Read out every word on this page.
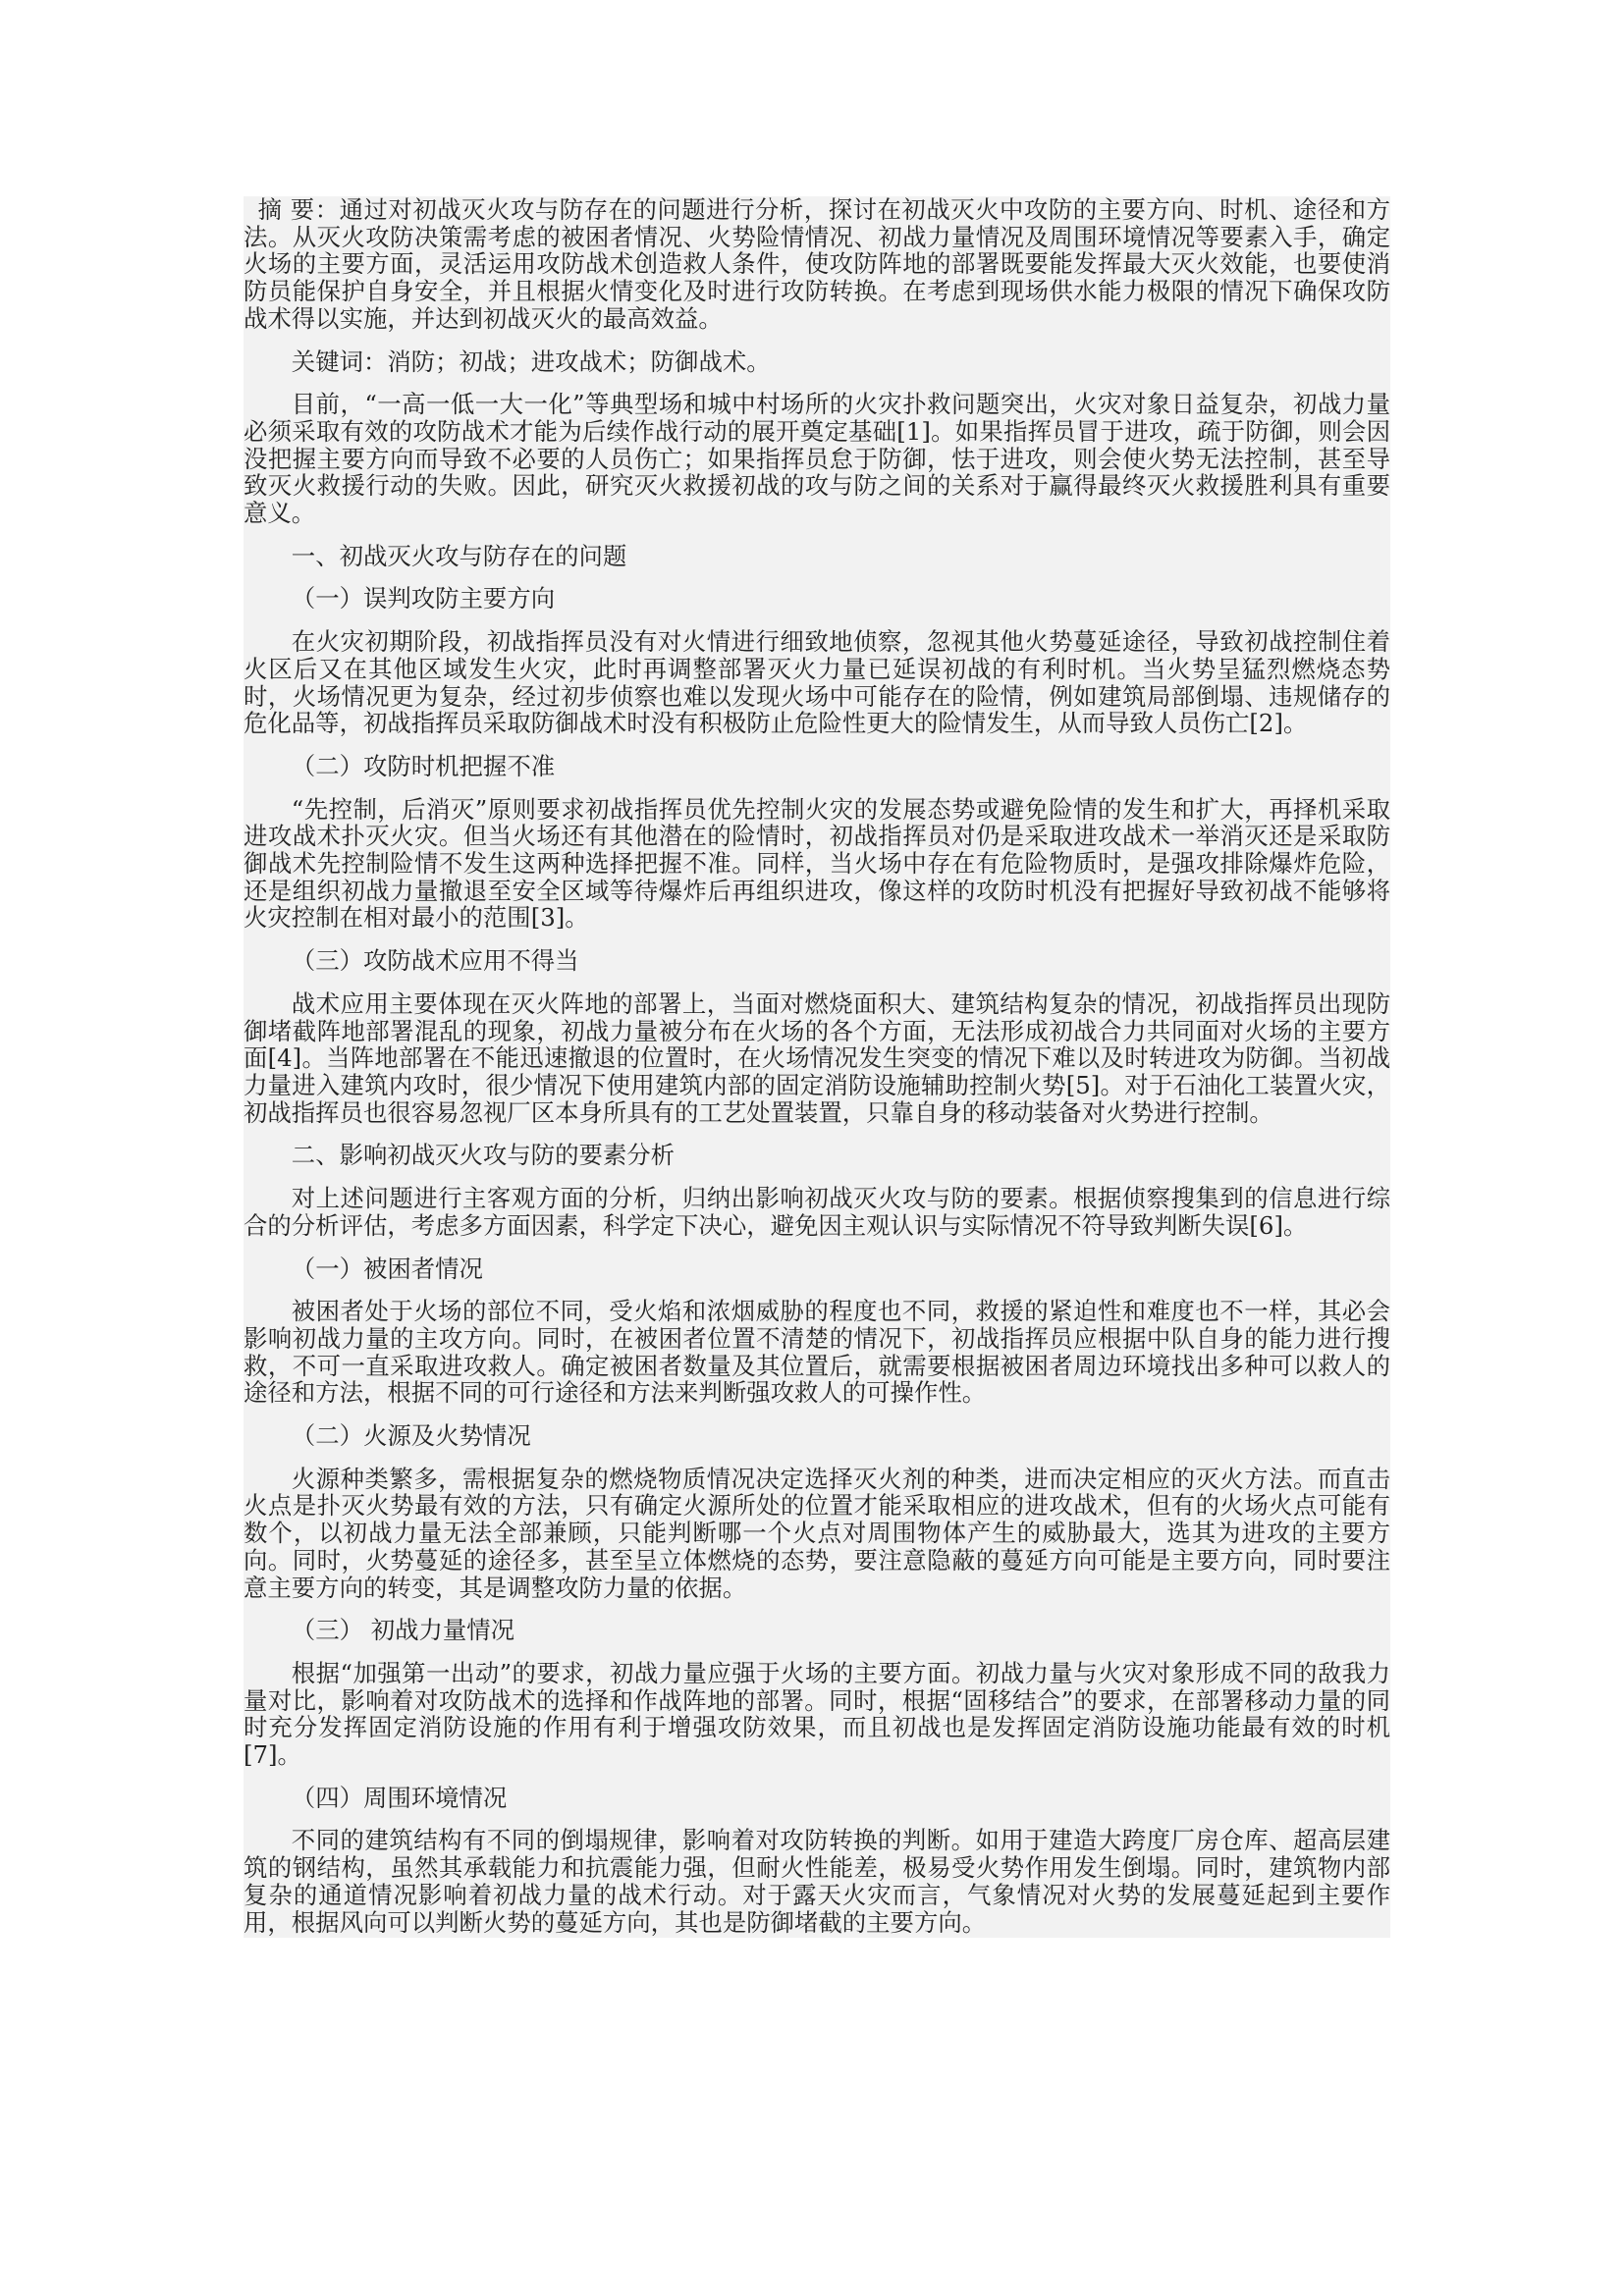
摘 要：通过对初战灭火攻与防存在的问题进行分析，探讨在初战灭火中攻防的主要方向、时机、途径和方法。从灭火攻防决策需考虑的被困者情况、火势险情情况、初战力量情况及周围环境情况等要素入手，确定火场的主要方面，灵活运用攻防战术创造救人条件，使攻防阵地的部署既要能发挥最大灭火效能，也要使消防员能保护自身安全，并且根据火情变化及时进行攻防转换。在考虑到现场供水能力极限的情况下确保攻防战术得以实施，并达到初战灭火的最高效益。

关键词：消防；初战；进攻战术；防御战术。

目前，“一高一低一大一化”等典型场和城中村场所的火灾扑救问题突出，火灾对象日益复杂，初战力量必须采取有效的攻防战术才能为后续作战行动的展开奠定基础[1]。如果指挥员冒于进攻，疏于防御，则会因没把握主要方向而导致不必要的人员伤亡；如果指挥员怠于防御，怯于进攻，则会使火势无法控制，甚至导致灭火救援行动的失败。因此，研究灭火救援初战的攻与防之间的关系对于赢得最终灭火救援胜利具有重要意义。

一、初战灭火攻与防存在的问题

（一）误判攻防主要方向

在火灾初期阶段，初战指挥员没有对火情进行细致地侦察，忽视其他火势蔓延途径，导致初战控制住着火区后又在其他区域发生火灾，此时再调整部署灭火力量已延误初战的有利时机。当火势呈猛烈燃烧态势时，火场情况更为复杂，经过初步侦察也难以发现火场中可能存在的险情，例如建筑局部倒塌、违规储存的危化品等，初战指挥员采取防御战术时没有积极防止危险性更大的险情发生，从而导致人员伤亡[2]。

（二）攻防时机把握不准

“先控制，后消灭”原则要求初战指挥员优先控制火灾的发展态势或避免险情的发生和扩大，再择机采取进攻战术扑灭火灾。但当火场还有其他潜在的险情时，初战指挥员对仍是采取进攻战术一举消灭还是采取防御战术先控制险情不发生这两种选择把握不准。同样，当火场中存在有危险物质时，是强攻排除爆炸危险，还是组织初战力量撤退至安全区域等待爆炸后再组织进攻，像这样的攻防时机没有把握好导致初战不能够将火灾控制在相对最小的范围[3]。

（三）攻防战术应用不得当

战术应用主要体现在灭火阵地的部署上，当面对燃烧面积大、建筑结构复杂的情况，初战指挥员出现防御堵截阵地部署混乱的现象，初战力量被分布在火场的各个方面，无法形成初战合力共同面对火场的主要方面[4]。当阵地部署在不能迅速撤退的位置时，在火场情况发生突变的情况下难以及时转进攻为防御。当初战力量进入建筑内攻时，很少情况下使用建筑内部的固定消防设施辅助控制火势[5]。对于石油化工装置火灾，初战指挥员也很容易忽视厂区本身所具有的工艺处置装置，只靠自身的移动装备对火势进行控制。

二、影响初战灭火攻与防的要素分析

对上述问题进行主客观方面的分析，归纳出影响初战灭火攻与防的要素。根据侦察搜集到的信息进行综合的分析评估，考虑多方面因素，科学定下决心，避免因主观认识与实际情况不符导致判断失误[6]。

（一）被困者情况

被困者处于火场的部位不同，受火焰和浓烟威胁的程度也不同，救援的紧迫性和难度也不一样，其必会影响初战力量的主攻方向。同时，在被困者位置不清楚的情况下，初战指挥员应根据中队自身的能力进行搜救，不可一直采取进攻救人。确定被困者数量及其位置后，就需要根据被困者周边环境找出多种可以救人的途径和方法，根据不同的可行途径和方法来判断强攻救人的可操作性。

（二）火源及火势情况

火源种类繁多，需根据复杂的燃烧物质情况决定选择灭火剂的种类，进而决定相应的灭火方法。而直击火点是扑灭火势最有效的方法，只有确定火源所处的位置才能采取相应的进攻战术，但有的火场火点可能有数个，以初战力量无法全部兼顾，只能判断哪一个火点对周围物体产生的威胁最大，选其为进攻的主要方向。同时，火势蔓延的途径多，甚至呈立体燃烧的态势，要注意隐蔽的蔓延方向可能是主要方向，同时要注意主要方向的转变，其是调整攻防力量的依据。

（三） 初战力量情况

根据“加强第一出动”的要求，初战力量应强于火场的主要方面。初战力量与火灾对象形成不同的敌我力量对比，影响着对攻防战术的选择和作战阵地的部署。同时，根据“固移结合”的要求，在部署移动力量的同时充分发挥固定消防设施的作用有利于增强攻防效果，而且初战也是发挥固定消防设施功能最有效的时机[7]。

（四）周围环境情况

不同的建筑结构有不同的倒塌规律，影响着对攻防转换的判断。如用于建造大跨度厂房仓库、超高层建筑的钢结构，虽然其承载能力和抗震能力强，但耐火性能差，极易受火势作用发生倒塌。同时，建筑物内部复杂的通道情况影响着初战力量的战术行动。对于露天火灾而言，气象情况对火势的发展蔓延起到主要作用，根据风向可以判断火势的蔓延方向，其也是防御堵截的主要方向。
